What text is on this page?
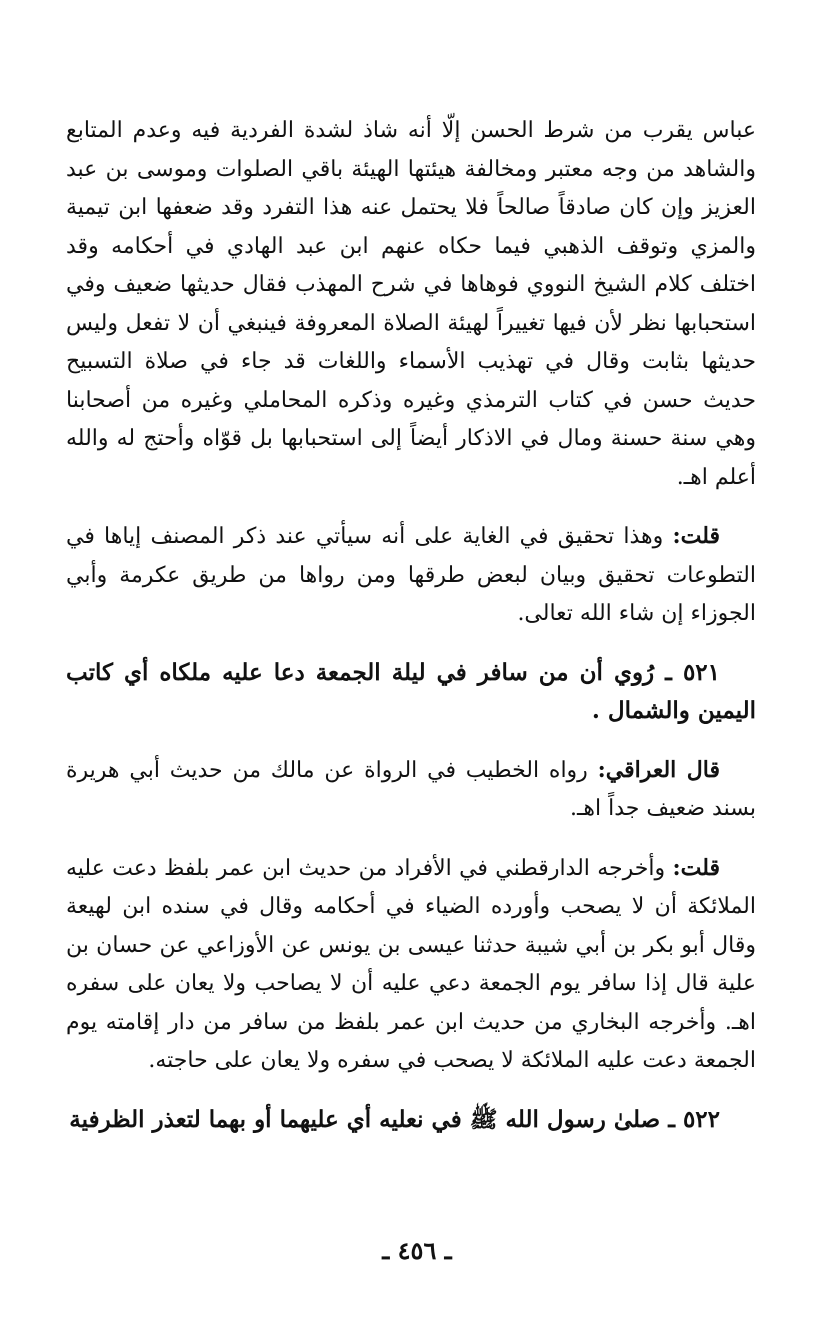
عباس يقرب من شرط الحسن إلّا أنه شاذ لشدة الفردية فيه وعدم المتابع والشاهد من وجه معتبر ومخالفة هيئتها الهيئة باقي الصلوات وموسى بن عبد العزيز وإن كان صادقاً صالحاً فلا يحتمل عنه هذا التفرد وقد ضعفها ابن تيمية والمزي وتوقف الذهبي فيما حكاه عنهم ابن عبد الهادي في أحكامه وقد اختلف كلام الشيخ النووي فوهاها في شرح المهذب فقال حديثها ضعيف وفي استحبابها نظر لأن فيها تغييراً لهيئة الصلاة المعروفة فينبغي أن لا تفعل وليس حديثها بثابت وقال في تهذيب الأسماء واللغات قد جاء في صلاة التسبيح حديث حسن في كتاب الترمذي وغيره وذكره المحاملي وغيره من أصحابنا وهي سنة حسنة ومال في الاذكار أيضاً إلى استحبابها بل قوّاه وأحتج له والله أعلم اهـ.

قلت: وهذا تحقيق في الغاية على أنه سيأتي عند ذكر المصنف إياها في التطوعات تحقيق وبيان لبعض طرقها ومن رواها من طريق عكرمة وأبي الجوزاء إن شاء الله تعالى.

٥٢١ ـ رُوي أن من سافر في ليلة الجمعة دعا عليه ملكاه أي كاتب اليمين والشمال .

قال العراقي: رواه الخطيب في الرواة عن مالك من حديث أبي هريرة بسند ضعيف جداً اهـ.

قلت: وأخرجه الدارقطني في الأفراد من حديث ابن عمر بلفظ دعت عليه الملائكة أن لا يصحب وأورده الضياء في أحكامه وقال في سنده ابن لهيعة وقال أبو بكر بن أبي شيبة حدثنا عيسى بن يونس عن الأوزاعي عن حسان بن علية قال إذا سافر يوم الجمعة دعي عليه أن لا يصاحب ولا يعان على سفره اهـ. وأخرجه البخاري من حديث ابن عمر بلفظ من سافر من دار إقامته يوم الجمعة دعت عليه الملائكة لا يصحب في سفره ولا يعان على حاجته.

٥٢٢ ـ صلىٰ رسول الله ﷺ في نعليه أي عليهما أو بهما لتعذر الظرفية

ـ ٤٥٦ ـ
